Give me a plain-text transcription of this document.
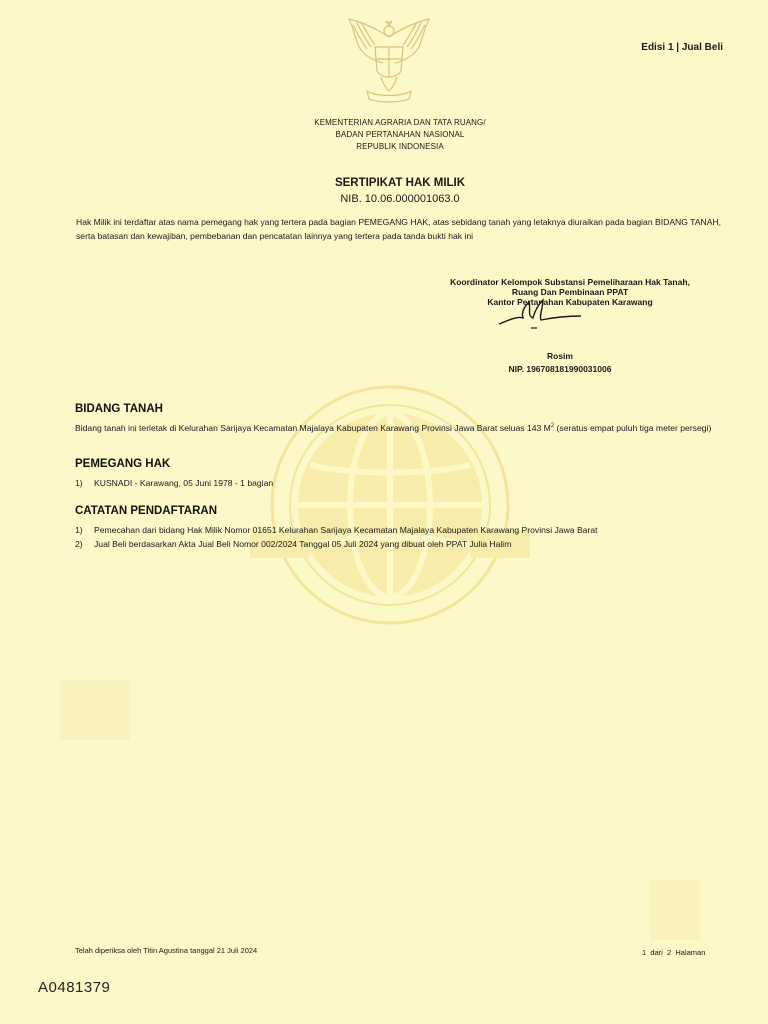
Edisi 1 | Jual Beli
KEMENTERIAN AGRARIA DAN TATA RUANG/
BADAN PERTANAHAN NASIONAL
REPUBLIK INDONESIA
SERTIPIKAT HAK MILIK
NIB. 10.06.000001063.0
Hak Milik ini terdaftar atas nama pemegang hak yang tertera pada bagian PEMEGANG HAK, atas sebidang tanah yang letaknya diuraikan pada bagian BIDANG TANAH, serta batasan dan kewajiban, pembebanan dan pencatatan lainnya yang tertera pada tanda bukti hak ini
Koordinator Kelompok Substansi Pemeliharaan Hak Tanah,
Ruang Dan Pembinaan PPAT
Kantor Pertanahan Kabupaten Karawang
Rosim
NIP. 196708181990031006
BIDANG TANAH
Bidang tanah ini terletak di Kelurahan Sarijaya Kecamatan Majalaya Kabupaten Karawang Provinsi Jawa Barat seluas 143 $M^2$ (seratus empat puluh tiga meter persegi)
PEMEGANG HAK
1)	KUSNADI - Karawang, 05 Juni 1978 - 1 bagian
CATATAN PENDAFTARAN
1)	Pemecahan dari bidang Hak Milik Nomor 01651 Kelurahan Sarijaya Kecamatan Majalaya Kabupaten Karawang Provinsi Jawa Barat
2)	Jual Beli berdasarkan Akta Jual Beli Nomor 002/2024 Tanggal 05 Juli 2024 yang dibuat oleh PPAT Julia Halim
Telah diperiksa oleh Titin Agustina tanggal 21 Juli 2024	1  dari  2  Halaman
A0481379
